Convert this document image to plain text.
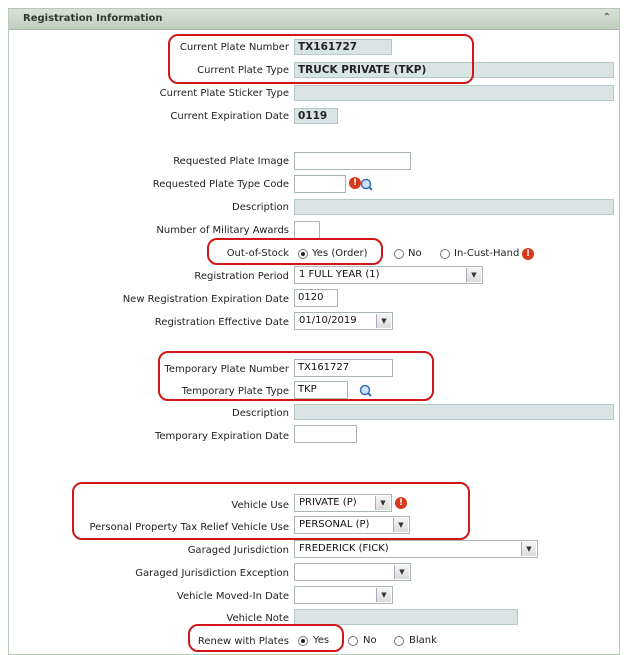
Registration Information	⌃
Current Plate Number TX161727
Current Plate Type TRUCK PRIVATE (TKP)
Current Plate Sticker Type
Current Expiration Date 0119
Requested Plate Image
Requested Plate Type Code	!
Description
Number of Military Awards
Out-of-Stock Yes (Order)	No	In-Cust-Hand !
Registration Period	1 FULL YEAR (1)	▼
New Registration Expiration Date 0120
Registration Effective Date	01/10/2019	▼
Temporary Plate Number TX161727
Temporary Plate Type TKP
Description
Temporary Expiration Date
Vehicle Use	PRIVATE (P)	▼	!
Personal Property Tax Relief Vehicle Use	PERSONAL (P)	▼
Garaged Jurisdiction	FREDERICK (FICK)	▼
Garaged Jurisdiction Exception	▼
Vehicle Moved-In Date	▼
Vehicle Note
Renew with Plates Yes	No	Blank
